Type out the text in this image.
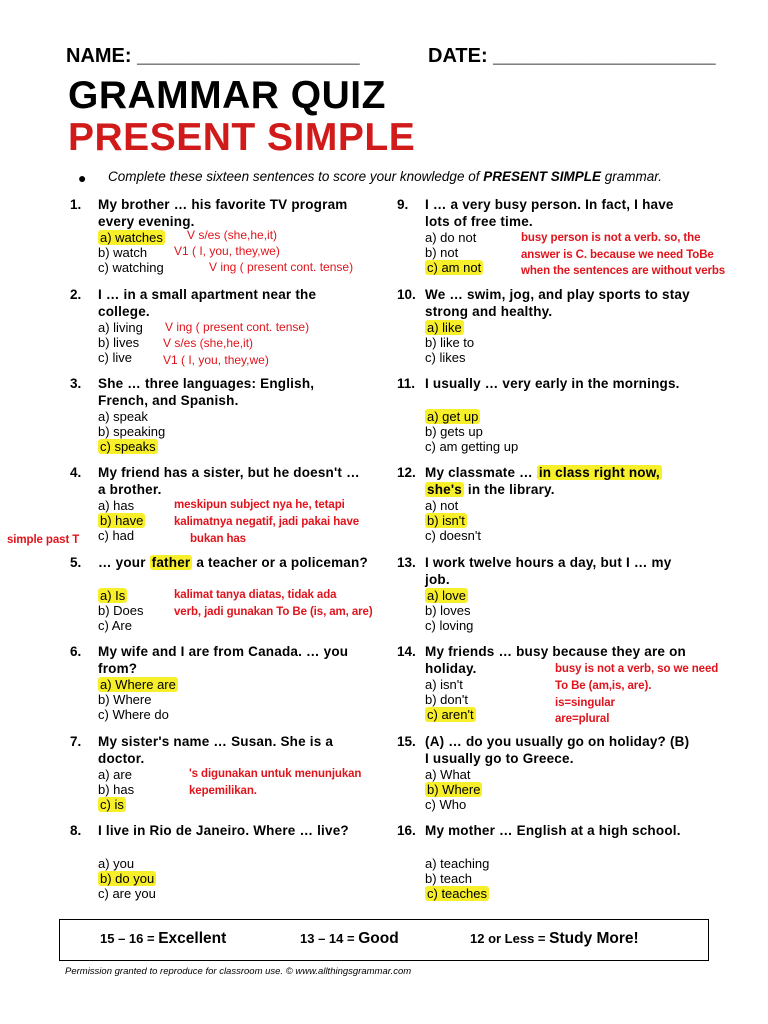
NAME: ____________________	DATE: ____________________
GRAMMAR QUIZ
PRESENT SIMPLE
● Complete these sixteen sentences to score your knowledge of PRESENT SIMPLE grammar.
1. My brother … his favorite TV program every evening.
a) watches
b) watch
c) watching
2. I … in a small apartment near the college.
a) living
b) lives
c) live
3. She … three languages: English, French, and Spanish.
a) speak
b) speaking
c) speaks
4. My friend has a sister, but he doesn't … a brother.
a) has
b) have
c) had
5. … your father a teacher or a policeman?
a) Is
b) Does
c) Are
6. My wife and I are from Canada. … you from?
a) Where are
b) Where
c) Where do
7. My sister's name … Susan. She is a doctor.
a) are
b) has
c) is
8. I live in Rio de Janeiro. Where … live?
a) you
b) do you
c) are you
9. I … a very busy person. In fact, I have lots of free time.
a) do not
b) not
c) am not
10. We … swim, jog, and play sports to stay strong and healthy.
a) like
b) like to
c) likes
11. I usually … very early in the mornings.
a) get up
b) gets up
c) am getting up
12. My classmate … in class right now, she's in the library.
a) not
b) isn't
c) doesn't
13. I work twelve hours a day, but I … my job.
a) love
b) loves
c) loving
14. My friends … busy because they are on holiday.
a) isn't
b) don't
c) aren't
15. (A) … do you usually go on holiday? (B) I usually go to Greece.
a) What
b) Where
c) Who
16. My mother … English at a high school.
a) teaching
b) teach
c) teaches
V s/es (she,he,it)
V1 ( I, you, they,we)
V ing ( present cont. tense)
V ing ( present cont. tense)
V s/es (she,he,it)
V1 ( I, you, they,we)
meskipun subject nya he, tetapi
kalimatnya negatif, jadi pakai have
bukan has
simple past T
kalimat tanya diatas, tidak ada
verb, jadi gunakan To Be (is, am, are)
's digunakan untuk menunjukan
kepemilikan.
busy person is not a verb. so, the
answer is C. because we need ToBe
when the sentences are without verbs
busy is not a verb, so we need
To Be (am,is, are).
is=singular
are=plural
15 – 16 = Excellent	13 – 14 = Good	12 or Less = Study More!
Permission granted to reproduce for classroom use. © www.allthingsgrammar.com
